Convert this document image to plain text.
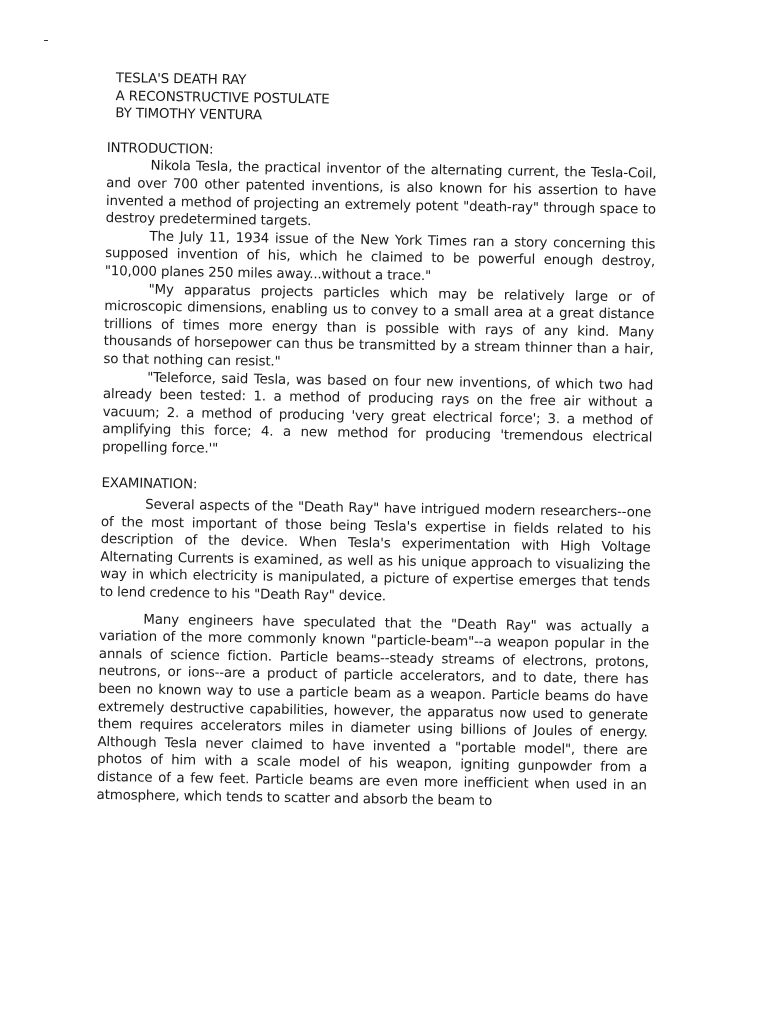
TESLA'S DEATH RAY
A RECONSTRUCTIVE POSTULATE
BY TIMOTHY VENTURA
INTRODUCTION:

Nikola Tesla, the practical inventor of the alternating current, the Tesla-Coil, and over 700 other patented inventions, is also known for his assertion to have invented a method of projecting an extremely potent "death-ray" through space to destroy predetermined targets.

The July 11, 1934 issue of the New York Times ran a story concerning this supposed invention of his, which he claimed to be powerful enough destroy, "10,000 planes 250 miles away...without a trace."

"My apparatus projects particles which may be relatively large or of microscopic dimensions, enabling us to convey to a small area at a great distance trillions of times more energy than is possible with rays of any kind. Many thousands of horsepower can thus be transmitted by a stream thinner than a hair, so that nothing can resist."

"Teleforce, said Tesla, was based on four new inventions, of which two had already been tested: 1. a method of producing rays on the free air without a vacuum; 2. a method of producing 'very great electrical force'; 3. a method of amplifying this force; 4. a new method for producing 'tremendous electrical propelling force.'"

EXAMINATION:

Several aspects of the "Death Ray" have intrigued modern researchers--one of the most important of those being Tesla's expertise in fields related to his description of the device. When Tesla's experimentation with High Voltage Alternating Currents is examined, as well as his unique approach to visualizing the way in which electricity is manipulated, a picture of expertise emerges that tends to lend credence to his "Death Ray" device.

Many engineers have speculated that the "Death Ray" was actually a variation of the more commonly known "particle-beam"--a weapon popular in the annals of science fiction. Particle beams--steady streams of electrons, protons, neutrons, or ions--are a product of particle accelerators, and to date, there has been no known way to use a particle beam as a weapon. Particle beams do have extremely destructive capabilities, however, the apparatus now used to generate them requires accelerators miles in diameter using billions of Joules of energy. Although Tesla never claimed to have invented a "portable model", there are photos of him with a scale model of his weapon, igniting gunpowder from a distance of a few feet. Particle beams are even more inefficient when used in an atmosphere, which tends to scatter and absorb the beam to
